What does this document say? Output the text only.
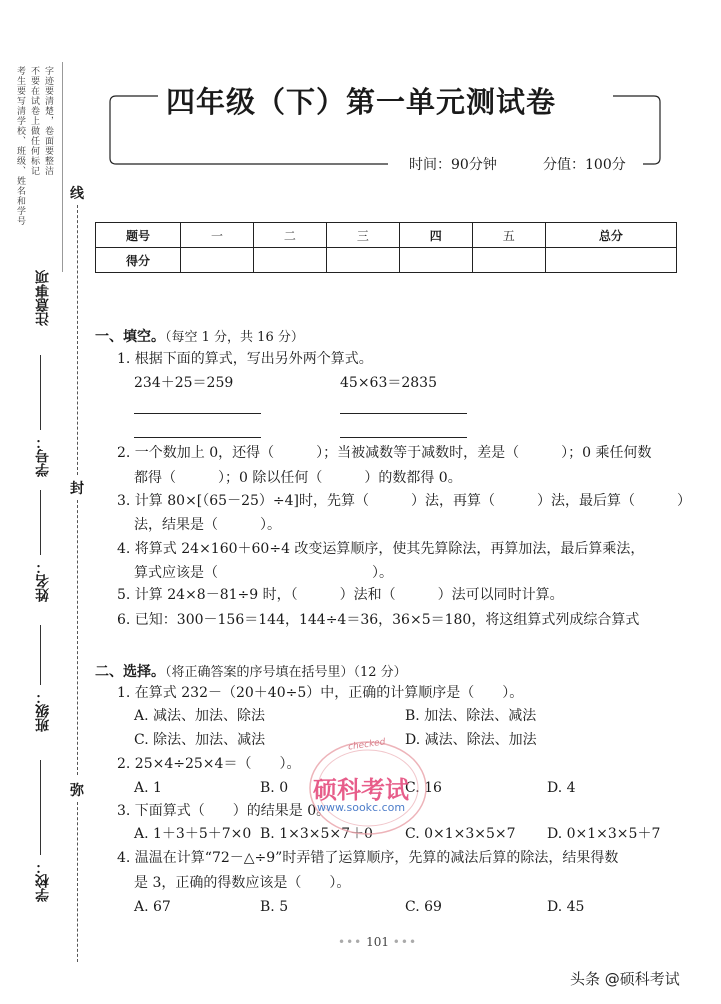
考生要写清学校、班级、姓名和学号 不要在试卷上做任何标记 字迹要清楚，卷面要整洁
注意事项
学号：
姓名：
班级：
学校：
线
封
弥
四年级（下）第一单元测试卷
时间：90分钟	分值：100分
题号	一	二	三	四	五	总分
得分						
一、填空。（每空 1 分，共 16 分）
1. 根据下面的算式，写出另外两个算式。
234＋25＝259	45×63＝2835
2. 一个数加上 0，还得（　　　）；当被减数等于减数时，差是（　　　）；0 乘任何数
都得（　　　）；0 除以任何（　　　）的数都得 0。
3. 计算 80×[（65－25）÷4]时，先算（　　　）法，再算（　　　）法，最后算（　　　）
法，结果是（　　　）。
4. 将算式 24×160＋60÷4 改变运算顺序，使其先算除法，再算加法，最后算乘法，
算式应该是（　　　　　　　　　　　）。
5. 计算 24×8－81÷9 时，（　　　）法和（　　　）法可以同时计算。
6. 已知：300－156＝144，144÷4＝36，36×5＝180，将这组算式列成综合算式
二、选择。（将正确答案的序号填在括号里）（12 分）
1. 在算式 232－（20＋40÷5）中，正确的计算顺序是（　　）。
A. 减法、加法、除法	B. 加法、除法、减法
C. 除法、加法、减法	D. 减法、除法、加法
2. 25×4÷25×4＝（　　）。
A. 1	B. 0	C. 16	D. 4
3. 下面算式（　　）的结果是 0。
A. 1＋3＋5＋7×0 B. 1×3×5×7＋0 C. 0×1×3×5×7 D. 0×1×3×5＋7
4. 温温在计算“72－△÷9”时弄错了运算顺序，先算的减法后算的除法，结果得数
是 3，正确的得数应该是（　　）。
A. 67	B. 5	C. 69	D. 45
checked
硕科考试
www.sookc.com
••• 101 •••
头条 @硕科考试
